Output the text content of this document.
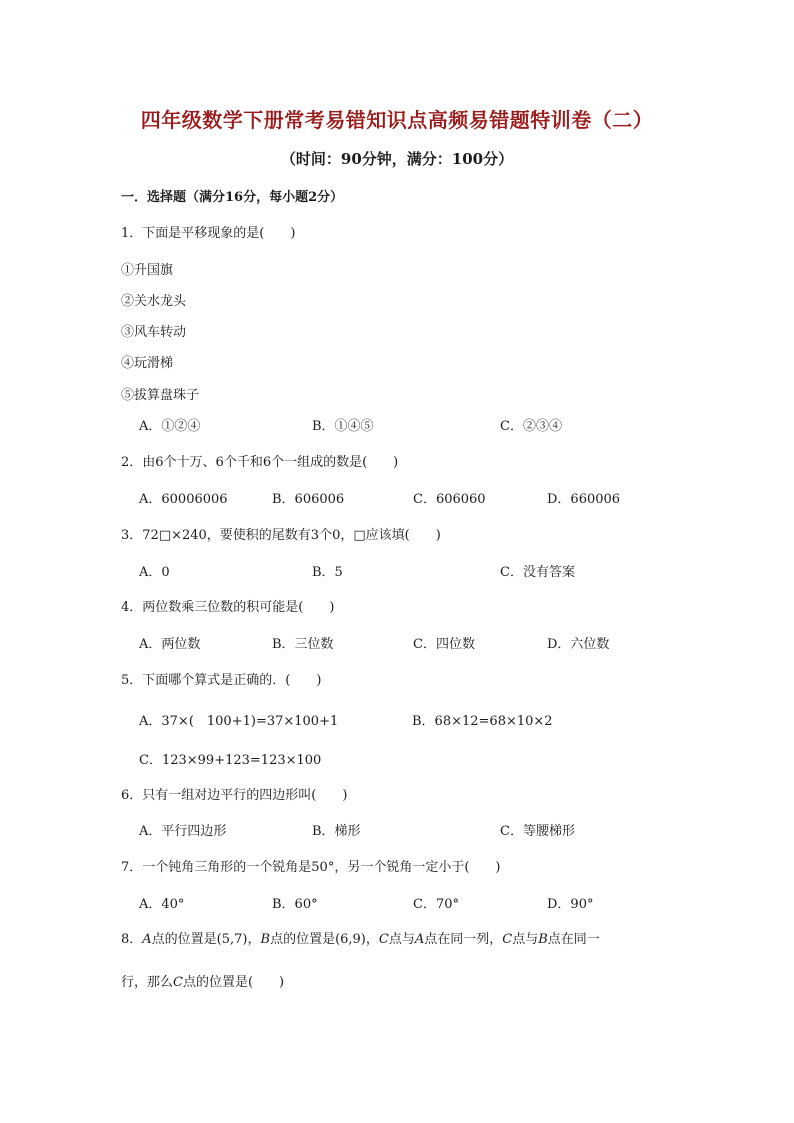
四年级数学下册常考易错知识点高频易错题特训卷（二）
（时间：90分钟，满分：100分）
一．选择题（满分16分，每小题2分）
1．下面是平移现象的是(　　)
①升国旗
②关水龙头
③风车转动
④玩滑梯
⑤拔算盘珠子
A．①②④	B．①④⑤	C．②③④
2．由6个十万、6个千和6个一组成的数是(　　)
A．60006006	B．606006	C．606060	D．660006
3．72□×240，要使积的尾数有3个0，□应该填(　　)
A．0	B．5	C．没有答案
4．两位数乘三位数的积可能是(　　)
A．两位数	B．三位数	C．四位数	D．六位数
5．下面哪个算式是正确的．(　　)
A．37×(　100+1)=37×100+1	B．68×12=68×10×2
C．123×99+123=123×100
6．只有一组对边平行的四边形叫(　　)
A．平行四边形	B．梯形	C．等腰梯形
7．一个钝角三角形的一个锐角是50°，另一个锐角一定小于(　　)
A．40°	B．60°	C．70°	D．90°
8．A点的位置是(5,7)，B点的位置是(6,9)，C点与A点在同一列，C点与B点在同一
行，那么C点的位置是(　　)
